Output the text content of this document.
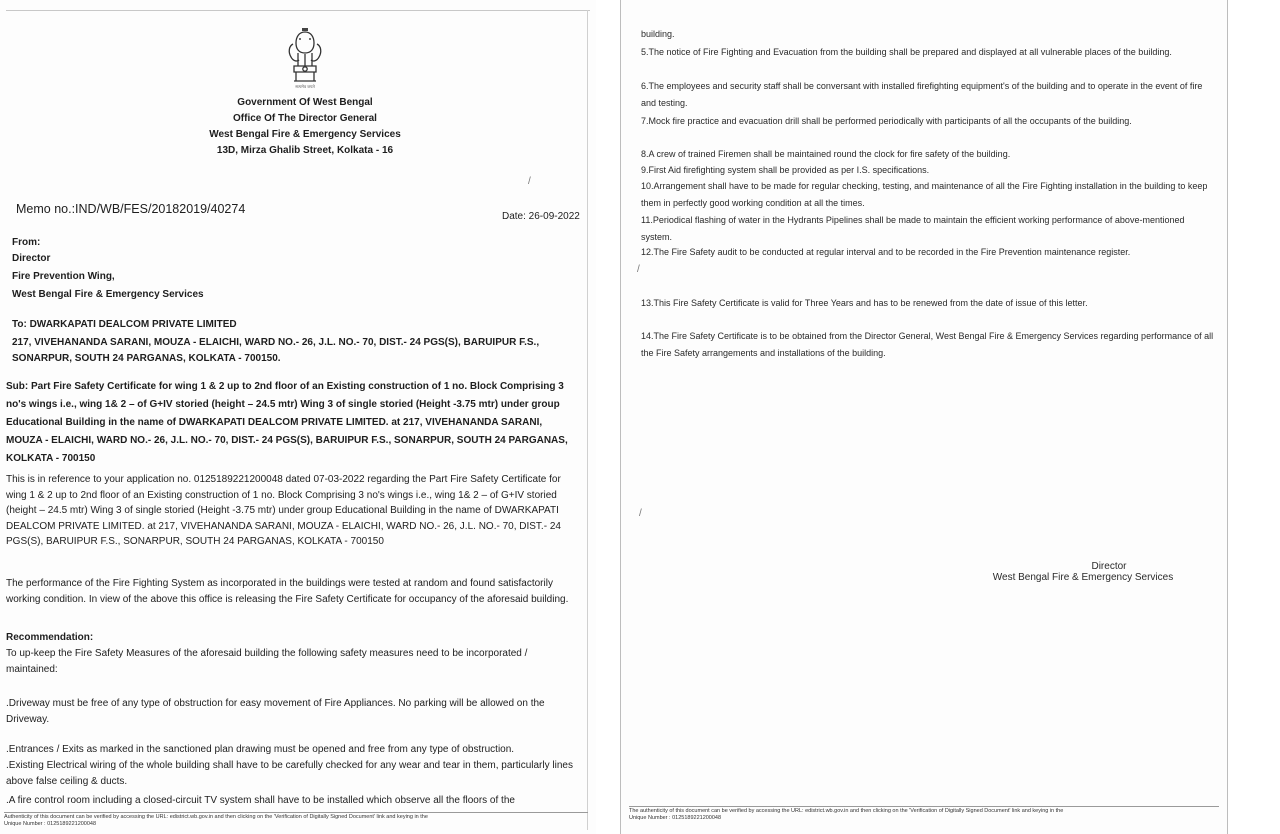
सत्यमेव जयते
Government Of West Bengal
Office Of The Director General
West Bengal Fire & Emergency Services
13D, Mirza Ghalib Street, Kolkata - 16
/
Memo no.:IND/WB/FES/20182019/40274
Date: 26-09-2022
From:
Director
Fire Prevention Wing,
West Bengal Fire & Emergency Services
To: DWARKAPATI DEALCOM PRIVATE LIMITED
217, VIVEHANANDA SARANI, MOUZA - ELAICHI, WARD NO.- 26, J.L. NO.- 70, DIST.- 24 PGS(S), BARUIPUR F.S.,
SONARPUR, SOUTH 24 PARGANAS, KOLKATA - 700150.
Sub: Part Fire Safety Certificate for wing 1 & 2 up to 2nd floor of an Existing construction of 1 no. Block Comprising 3 no's wings i.e., wing 1& 2 – of G+IV storied (height – 24.5 mtr) Wing 3 of single storied (Height -3.75 mtr) under group Educational Building in the name of DWARKAPATI DEALCOM PRIVATE LIMITED. at 217, VIVEHANANDA SARANI, MOUZA - ELAICHI, WARD NO.- 26, J.L. NO.- 70, DIST.- 24 PGS(S), BARUIPUR F.S., SONARPUR, SOUTH 24 PARGANAS, KOLKATA - 700150
This is in reference to your application no. 0125189221200048 dated 07-03-2022 regarding the Part Fire Safety Certificate for wing 1 & 2 up to 2nd floor of an Existing construction of 1 no. Block Comprising 3 no's wings i.e., wing 1& 2 – of G+IV storied (height – 24.5 mtr) Wing 3 of single storied (Height -3.75 mtr) under group Educational Building in the name of DWARKAPATI DEALCOM PRIVATE LIMITED. at 217, VIVEHANANDA SARANI, MOUZA - ELAICHI, WARD NO.- 26, J.L. NO.- 70, DIST.- 24 PGS(S), BARUIPUR F.S., SONARPUR, SOUTH 24 PARGANAS, KOLKATA - 700150
The performance of the Fire Fighting System as incorporated in the buildings were tested at random and found satisfactorily working condition. In view of the above this office is releasing the Fire Safety Certificate for occupancy of the aforesaid building.
Recommendation:
To up-keep the Fire Safety Measures of the aforesaid building the following safety measures need to be incorporated / maintained:
.Driveway must be free of any type of obstruction for easy movement of Fire Appliances. No parking will be allowed on the Driveway.
.Entrances / Exits as marked in the sanctioned plan drawing must be opened and free from any type of obstruction.
.Existing Electrical wiring of the whole building shall have to be carefully checked for any wear and tear in them, particularly lines above false ceiling & ducts.
.A fire control room including a closed-circuit TV system shall have to be installed which observe all the floors of the
Authenticity of this document can be verified by accessing the URL: edistrict.wb.gov.in and then clicking on the 'Verification of Digitally Signed Document' link and keying in the
Unique Number : 0125189221200048
building.
5.The notice of Fire Fighting and Evacuation from the building shall be prepared and displayed at all vulnerable places of the building.
6.The employees and security staff shall be conversant with installed firefighting equipment's of the building and to operate in the event of fire and testing.
7.Mock fire practice and evacuation drill shall be performed periodically with participants of all the occupants of the building.
8.A crew of trained Firemen shall be maintained round the clock for fire safety of the building.
9.First Aid firefighting system shall be provided as per I.S. specifications.
10.Arrangement shall have to be made for regular checking, testing, and maintenance of all the Fire Fighting installation in the building to keep them in perfectly good working condition at all the times.
11.Periodical flashing of water in the Hydrants Pipelines shall be made to maintain the efficient working performance of above-mentioned system.
12.The Fire Safety audit to be conducted at regular interval and to be recorded in the Fire Prevention maintenance register.
/
13.This Fire Safety Certificate is valid for Three Years and has to be renewed from the date of issue of this letter.
14.The Fire Safety Certificate is to be obtained from the Director General, West Bengal Fire & Emergency Services regarding performance of all the Fire Safety arrangements and installations of the building.
/
Director
West Bengal Fire & Emergency Services
The authenticity of this document can be verified by accessing the URL: edistrict.wb.gov.in and then clicking on the 'Verification of Digitally Signed Document' link and keying in the
Unique Number : 0125189221200048
